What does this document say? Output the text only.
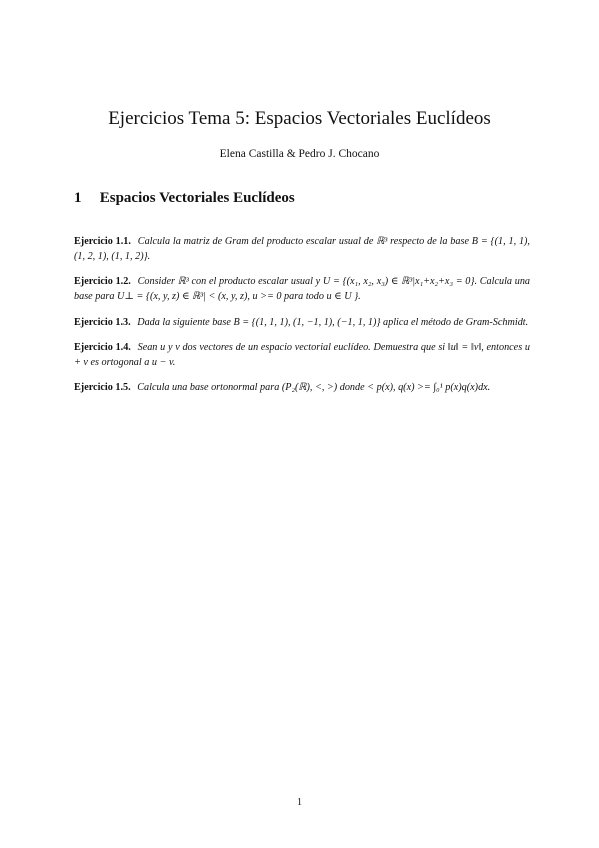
Ejercicios Tema 5: Espacios Vectoriales Euclídeos
Elena Castilla & Pedro J. Chocano
1 Espacios Vectoriales Euclídeos

Ejercicio 1.1. Calcula la matriz de Gram del producto escalar usual de ℝ³ respecto de la base B = {(1, 1, 1), (1, 2, 1), (1, 1, 2)}.

Ejercicio 1.2. Consider ℝ³ con el producto escalar usual y U = {(x₁, x₂, x₃) ∈ ℝ³|x₁+x₂+x₃ = 0}. Calcula una base para U⊥ = {(x, y, z) ∈ ℝ³| < (x, y, z), u >= 0 para todo u ∈ U }.

Ejercicio 1.3. Dada la siguiente base B = {(1, 1, 1), (1, −1, 1), (−1, 1, 1)} aplica el método de Gram-Schmidt.

Ejercicio 1.4. Sean u y v dos vectores de un espacio vectorial euclídeo. Demuestra que si ‖u‖ = ‖v‖, entonces u + v es ortogonal a u − v.

Ejercicio 1.5. Calcula una base ortonormal para (P₂(ℝ), <, >) donde < p(x), q(x) >= ∫₀¹ p(x)q(x)dx.

1
